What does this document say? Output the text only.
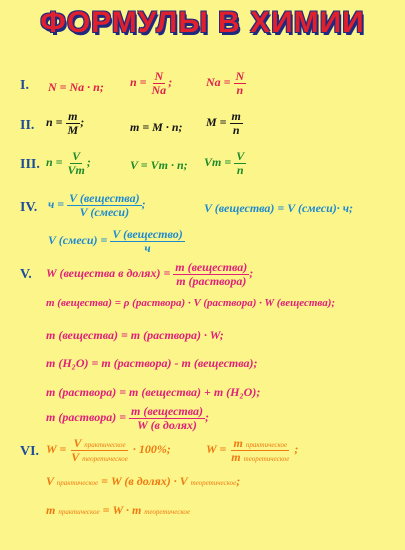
ФОРМУЛЫ В ХИМИИ
I. N = Na · n; $n = \frac{N}{Na}$ ;	$Na = \frac{N}{n}$
II. $n = \frac{m}{M}$ ;	m = M · n; $M = \frac{m}{n}$
III. $n = \frac{V}{Vm}$ ;	V = Vm · n; $Vm = \frac{V}{n}$
IV. $ч = \frac{\text{V (вещества)}}{\text{V (смеси)}}$ ;	V (вещества) = V (смеси)· ч;
V (смеси) = $\frac{\text{V (вещество)}}{ч}$
V. W (вещества в долях) = $\frac{\text{m (вещества)}}{\text{m (раствора)}}$ ;
m (вещества) = ρ (раствора) · V (раствора) · W (вещества);
m (вещества) = m (раствора) · W;
m (H₂O) = m (раствора) - m (вещества);
m (раствора) = m (вещества) + m (H₂O);
m (раствора) = $\frac{\text{m (вещества)}}{\text{W (в долях)}}$ ;
VI. $W = \frac{\text{V практическое}}{\text{V теоретическое}} \cdot 100\%$;	$W = \frac{\text{m практическое}}{\text{m теоретическое}}$ ;
V практическое = W (в долях) · V теоретическое;
m практическое = W · m теоретическое
